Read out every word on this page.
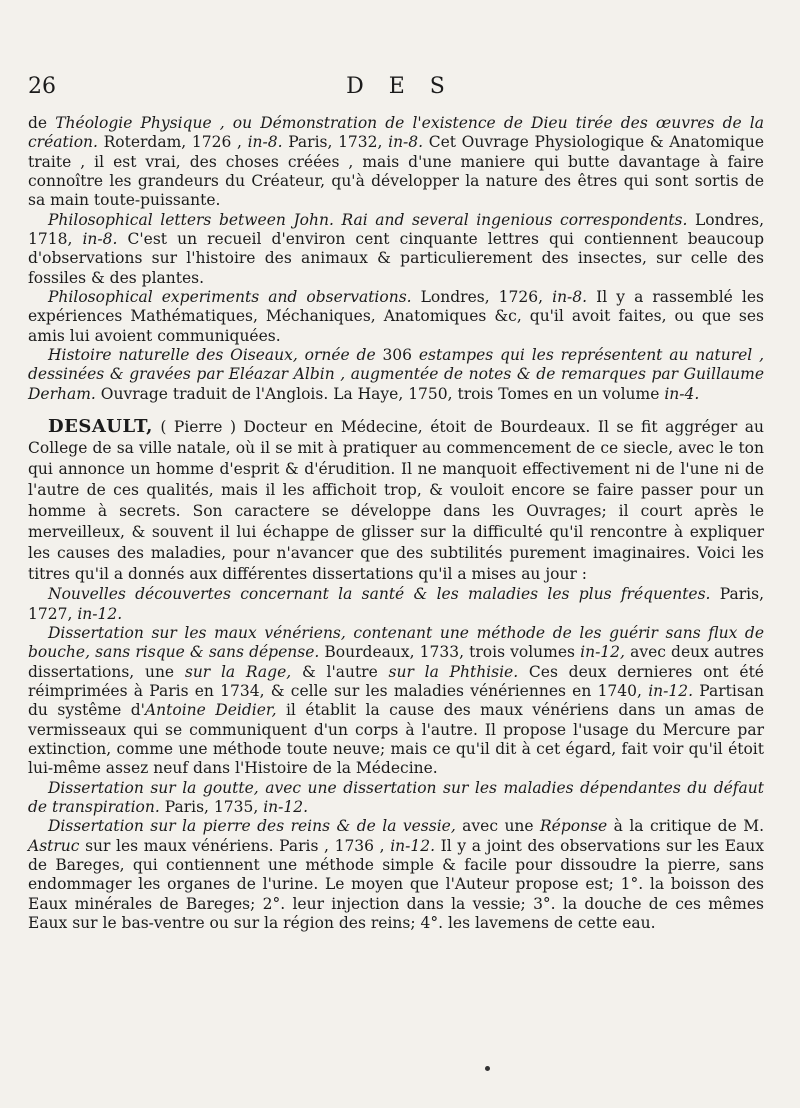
26	D E S

de Théologie Physique , ou Démonstration de l'existence de Dieu tirée des œuvres de la création. Roterdam, 1726 , in-8. Paris, 1732, in-8. Cet Ouvrage Physiologique & Anatomique traite , il est vrai, des choses créées , mais d'une maniere qui butte davantage à faire connoître les grandeurs du Créateur, qu'à développer la nature des êtres qui sont sortis de sa main toute-puissante.

Philosophical letters between John. Rai and several ingenious correspondents. Londres, 1718, in-8. C'est un recueil d'environ cent cinquante lettres qui contiennent beaucoup d'observations sur l'histoire des animaux & particulierement des insectes, sur celle des fossiles & des plantes.

Philosophical experiments and observations. Londres, 1726, in-8. Il y a rassemblé les expériences Mathématiques, Méchaniques, Anatomiques &c, qu'il avoit faites, ou que ses amis lui avoient communiquées.

Histoire naturelle des Oiseaux, ornée de 306 estampes qui les représentent au naturel , dessinées & gravées par Eléazar Albin , augmentée de notes & de remarques par Guillaume Derham. Ouvrage traduit de l'Anglois. La Haye, 1750, trois Tomes en un volume in-4.

DESAULT, ( Pierre ) Docteur en Médecine, étoit de Bourdeaux. Il se fit aggréger au College de sa ville natale, où il se mit à pratiquer au commencement de ce siecle, avec le ton qui annonce un homme d'esprit & d'érudition. Il ne manquoit effectivement ni de l'une ni de l'autre de ces qualités, mais il les affichoit trop, & vouloit encore se faire passer pour un homme à secrets. Son caractere se développe dans les Ouvrages; il court après le merveilleux, & souvent il lui échappe de glisser sur la difficulté qu'il rencontre à expliquer les causes des maladies, pour n'avancer que des subtilités purement imaginaires. Voici les titres qu'il a donnés aux différentes dissertations qu'il a mises au jour :

Nouvelles découvertes concernant la santé & les maladies les plus fréquentes. Paris, 1727, in-12.

Dissertation sur les maux vénériens, contenant une méthode de les guérir sans flux de bouche, sans risque & sans dépense. Bourdeaux, 1733, trois volumes in-12, avec deux autres dissertations, une sur la Rage, & l'autre sur la Phthisie. Ces deux dernieres ont été réimprimées à Paris en 1734, & celle sur les maladies vénériennes en 1740, in-12. Partisan du systême d'Antoine Deidier, il établit la cause des maux vénériens dans un amas de vermisseaux qui se communiquent d'un corps à l'autre. Il propose l'usage du Mercure par extinction, comme une méthode toute neuve; mais ce qu'il dit à cet égard, fait voir qu'il étoit lui-même assez neuf dans l'Histoire de la Médecine.

Dissertation sur la goutte, avec une dissertation sur les maladies dépendantes du défaut de transpiration. Paris, 1735, in-12.

Dissertation sur la pierre des reins & de la vessie, avec une Réponse à la critique de M. Astruc sur les maux vénériens. Paris , 1736 , in-12. Il y a joint des observations sur les Eaux de Bareges, qui contiennent une méthode simple & facile pour dissoudre la pierre, sans endommager les organes de l'urine. Le moyen que l'Auteur propose est; 1°. la boisson des Eaux minérales de Bareges; 2°. leur injection dans la vessie; 3°. la douche de ces mêmes Eaux sur le bas-ventre ou sur la région des reins; 4°. les lavemens de cette eau.
